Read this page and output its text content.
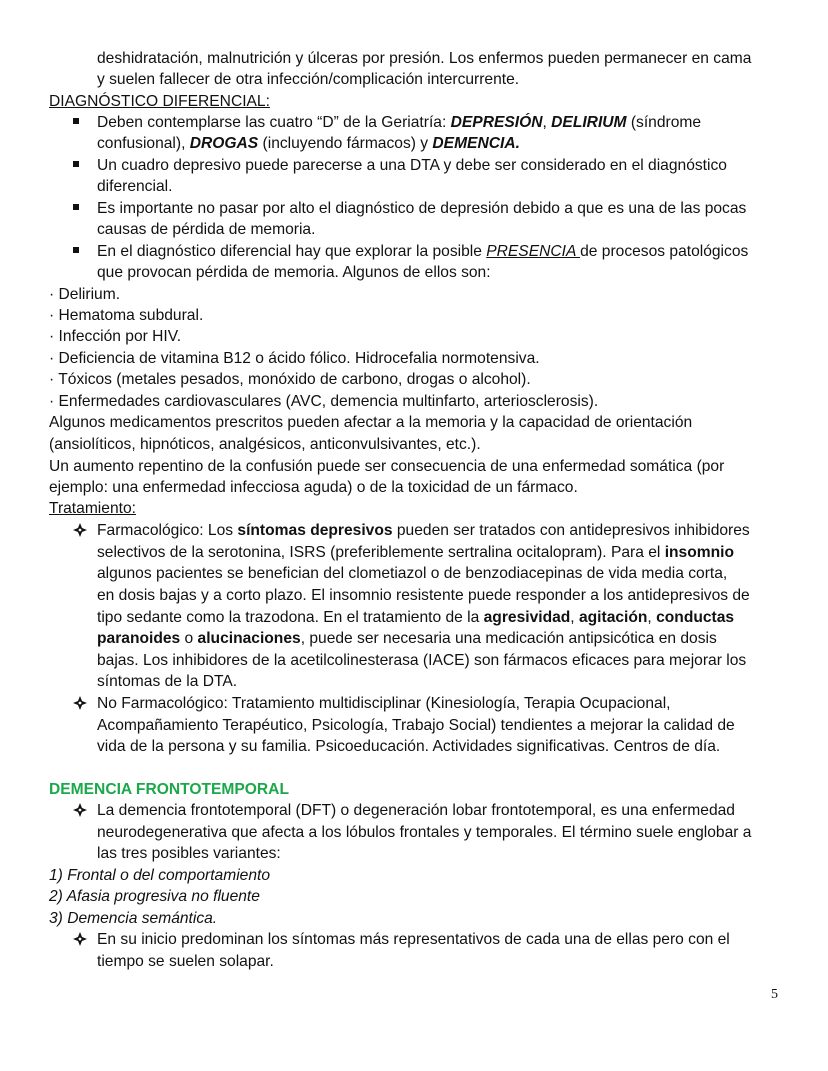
deshidratación, malnutrición y úlceras por presión. Los enfermos pueden permanecer en cama
y suelen fallecer de otra infección/complicación intercurrente.
DIAGNÓSTICO DIFERENCIAL:
Deben contemplarse las cuatro “D” de la Geriatría: DEPRESIÓN, DELIRIUM (síndrome
confusional), DROGAS (incluyendo fármacos) y DEMENCIA.
Un cuadro depresivo puede parecerse a una DTA y debe ser considerado en el diagnóstico
diferencial.
Es importante no pasar por alto el diagnóstico de depresión debido a que es una de las pocas
causas de pérdida de memoria.
En el diagnóstico diferencial hay que explorar la posible PRESENCIA de procesos patológicos
que provocan pérdida de memoria. Algunos de ellos son:
· Delirium.
· Hematoma subdural.
· Infección por HIV.
· Deficiencia de vitamina B12 o ácido fólico. Hidrocefalia normotensiva.
· Tóxicos (metales pesados, monóxido de carbono, drogas o alcohol).
· Enfermedades cardiovasculares (AVC, demencia multinfarto, arteriosclerosis).
Algunos medicamentos prescritos pueden afectar a la memoria y la capacidad de orientación
(ansiolíticos, hipnóticos, analgésicos, anticonvulsivantes, etc.).
Un aumento repentino de la confusión puede ser consecuencia de una enfermedad somática (por
ejemplo: una enfermedad infecciosa aguda) o de la toxicidad de un fármaco.
Tratamiento:
Farmacológico: Los síntomas depresivos pueden ser tratados con antidepresivos inhibidores
selectivos de la serotonina, ISRS (preferiblemente sertralina ocitalopram). Para el insomnio
algunos pacientes se benefician del clometiazol o de benzodiacepinas de vida media corta,
en dosis bajas y a corto plazo. El insomnio resistente puede responder a los antidepresivos de
tipo sedante como la trazodona. En el tratamiento de la agresividad, agitación, conductas
paranoides o alucinaciones, puede ser necesaria una medicación antipsicótica en dosis
bajas. Los inhibidores de la acetilcolinesterasa (IACE) son fármacos eficaces para mejorar los
síntomas de la DTA.
No Farmacológico: Tratamiento multidisciplinar (Kinesiología, Terapia Ocupacional,
Acompañamiento Terapéutico, Psicología, Trabajo Social) tendientes a mejorar la calidad de
vida de la persona y su familia. Psicoeducación. Actividades significativas. Centros de día.
DEMENCIA FRONTOTEMPORAL
La demencia frontotemporal (DFT) o degeneración lobar frontotemporal, es una enfermedad
neurodegenerativa que afecta a los lóbulos frontales y temporales. El término suele englobar a
las tres posibles variantes:
1) Frontal o del comportamiento
2) Afasia progresiva no fluente
3) Demencia semántica.
En su inicio predominan los síntomas más representativos de cada una de ellas pero con el
tiempo se suelen solapar.
5
